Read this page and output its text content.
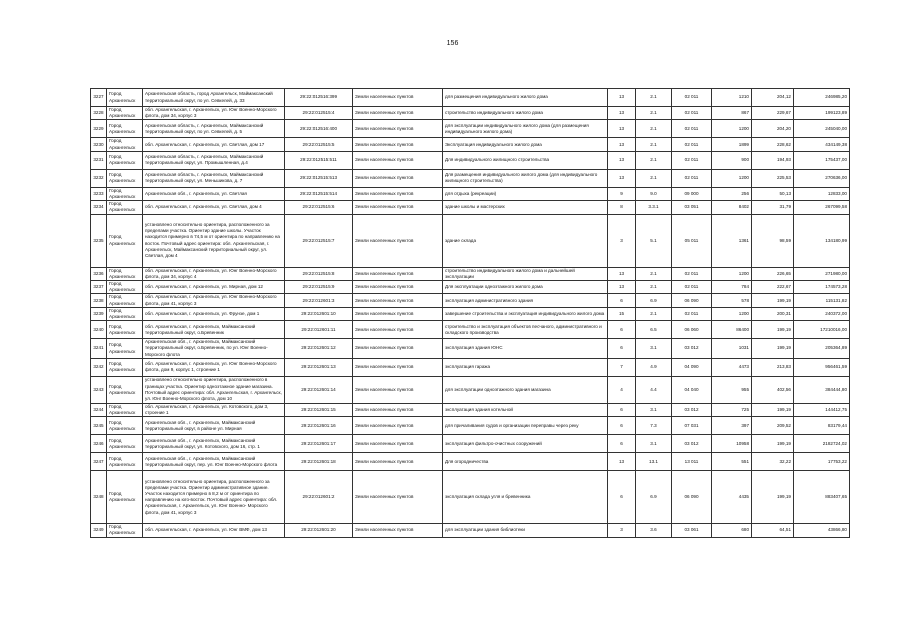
156
3227	Город Архангельск	Архангельская область, город Архангельск, Маймаксанский территориальный округ, по ул. Севкелей, д. 33	29:22:012516:399	Земли населенных пунктов	для размещения индивидуального жилого дома	13	2.1	02 011	1210	204,12	246985,20
3228	Город Архангельск	обл. Архангельская, г. Архангельск, ул. Юнг Военно-Морского флота, дом 34, корпус 3	29:22:012515:4	Земли населенных пунктов	строительство индивидуального жилого дома	13	2.1	02 011	867	229,67	199123,89
3229	Город Архангельск	Архангельская область, г. Архангельск, Маймаксанский территориальный округ, по ул. Севкелей, д. 5	29:22:012516:400	Земли населенных пунктов	для эксплуатации индивидуального жилого дома (для размещения индивидуального жилого дома)	13	2.1	02 011	1200	204,20	245040,00
3230	Город Архангельск	обл. Архангельская, г. Архангельск, ул. Светлая, дом 17	29:22:012515:5	Земли населенных пунктов	Эксплуатация индивидуального жилого дома	13	2.1	02 011	1899	228,62	434149,38
3231	Город Архангельск	Архангельская область, г. Архангельск, Маймаксанский территориальный округ, ул. Промышленная, д.4	29:22:012515:511	Земли населенных пунктов	Для индивидуального жилищного строительства	13	2.1	02 011	900	194,93	175437,00
3232	Город Архангельск	Архангельская область, г. Архангельск, Маймаксанский территориальный округ, ул. Меньшикова, д. 7	29:22:012515:513	Земли населенных пунктов	Для размещения индивидуального жилого дома (для индивидуального жилищного строительства)	13	2.1	02 011	1200	225,53	270636,00
3233	Город Архангельск	Архангельская обл., г. Архангельск, ул. Светлая	29:22:012515:514	Земли населенных пунктов	для отдыха (рекреации)	9	9.0	09 000	256	50,13	12833,00
3234	Город Архангельск	обл. Архангельская, г. Архангельск, ул. Светлая, дом 4	29:22:012515:6	Земли населенных пунктов	здание школы и мастерских	8	3.3.1	03 051	8402	31,79	267099,58
3235	Город Архангельск	установлено относительно ориентира, расположенного за пределами участка. Ориентир здание школы. Участок находится примерно в 74,5 м от ориентира по направлению на восток. Почтовый адрес ориентира: обл. Архангельская, г. Архангельск, Маймаксанский территориальный округ, ул. Светлая, дом 4	29:22:012515:7	Земли населенных пунктов	здание склада	3	5.1	05 011	1361	98,59	134180,99
3236	Город Архангельск	обл. Архангельская, г. Архангельск, ул. Юнг Военно-Морского флота, дом 34, корпус 4	29:22:012515:8	Земли населенных пунктов	строительство индивидуального жилого дома и дальнейшей эксплуатации	13	2.1	02 011	1200	226,65	271980,00
3237	Город Архангельск	обл. Архангельская, г. Архангельск, ул. Мирная, дом 12	29:22:012515:9	Земли населенных пунктов	Для эксплуатации одноэтажного жилого дома	13	2.1	02 011	784	222,67	174573,28
3238	Город Архангельск	обл. Архангельская, г. Архангельск, ул. Юнг Военно-Морского флота, дом 41, корпус 3	29:22:012601:3	Земли населенных пунктов	эксплуатация административного здания	6	6.9	06 090	578	199,19	115131,82
3239	Город Архангельск	обл. Архангельская, г. Архангельск, ул. Фрунзе, дом 1	29:22:012601:10	Земли населенных пунктов	завершение строительства и эксплуатация индивидуального жилого дома	15	2.1	02 011	1200	200,31	240372,00
3240	Город Архангельск	обл. Архангельская, г. Архангельск, Маймаксанский территориальный округ, о.Бревенник	29:22:012601:11	Земли населенных пунктов	строительство и эксплуатация объектов песчаного, административного и складского производства	6	6.5	06 060	86400	199,19	17210016,00
3241	Город Архангельск	Архангельская обл., г. Архангельск, Маймаксанский территориальный округ, о.Бревенник, по ул. Юнг Военно-Морского флота	29:22:012601:12	Земли населенных пунктов	эксплуатация здания ЮНС	6	3.1	03 012	1031	199,19	205364,89
3242	Город Архангельск	обл. Архангельская, г. Архангельск, ул. Юнг Военно-Морского флота, дом 9, корпус 1, строение 1	29:22:012601:13	Земли населенных пунктов	эксплуатация гаража	7	4.9	04 090	4473	213,83	956461,59
3243	Город Архангельск	установлено относительно ориентира, расположенного в границах участка. Ориентир одноэтажное здание магазина. Почтовый адрес ориентира: обл. Архангельская, г. Архангельск, ул. Юнг Военно-Морского флота, дом 10	29:22:012601:14	Земли населенных пунктов	для эксплуатации одноэтажного здания магазина	4	4.4	04 040	955	402,56	384444,80
3244	Город Архангельск	обл. Архангельская, г. Архангельск, ул. Котовского, дом 3, строение 1	29:22:012601:15	Земли населенных пунктов	эксплуатация здания котельной	6	3.1	03 012	725	199,19	144412,75
3245	Город Архангельск	Архангельская обл., г. Архангельск, Маймаксанский территориальный округ, в районе ул. Мирная	29:22:012601:16	Земли населенных пунктов	для причаливания судов и организации переправы через реку	6	7.3	07 031	397	209,52	83179,44
3246	Город Архангельск	Архангельская обл., г. Архангельск, Маймаксанский территориальный округ, ул. Котовского, дом 16, стр. 1	29:22:012601:17	Земли населенных пунктов	эксплуатация фильтро-очистных сооружений	6	3.1	03 012	10958	199,19	2182724,02
3247	Город Архангельск	Архангельская обл., г. Архангельск, Маймаксанский территориальный округ, пер. ул. Юнг Военно-Морского флота	29:22:012601:18	Земли населенных пунктов	Для огородничества	13	13.1	13 011	551	32,22	17753,22
3248	Город Архангельск	установлено относительно ориентира, расположенного за пределами участка. Ориентир административное здание. Участок находится примерно в 8,2 м от ориентира по направлению на юго-восток. Почтовый адрес ориентира: обл. Архангельская, г. Архангельск, ул. Юнг Военно- Морского флота, дом 41, корпус 3	29:22:012601:2	Земли населенных пунктов	эксплуатация склада угля и бревенника	6	6.9	06 090	4435	199,19	883407,65
3249	Город Архангельск	обл. Архангельская, г. Архангельск, ул. Юнг ВМФ, дом 13	29:22:012601:20	Земли населенных пунктов	для эксплуатации здания библиотеки	3	3.6	03 061	680	64,51	43866,80
